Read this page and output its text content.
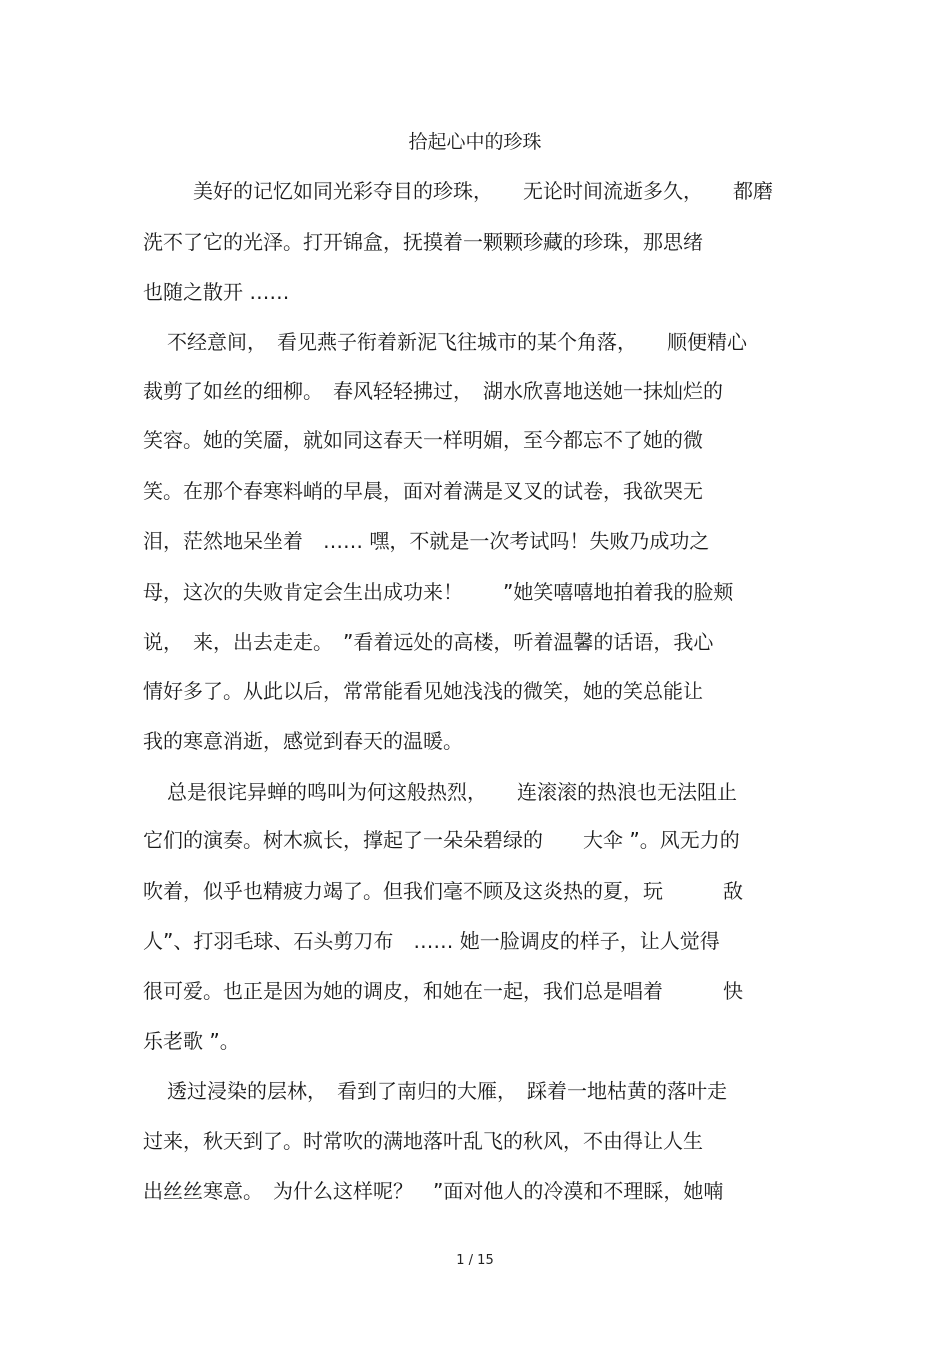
拾起心中的珍珠
美好的记忆如同光彩夺目的珍珠，　　无论时间流逝多久，　　都磨
洗不了它的光泽。打开锦盒，抚摸着一颗颗珍藏的珍珠，那思绪
也随之散开 ……
不经意间，　看见燕子衔着新泥飞往城市的某个角落，　　顺便精心
裁剪了如丝的细柳。　春风轻轻拂过，　湖水欣喜地送她一抹灿烂的
笑容。她的笑靥，就如同这春天一样明媚，至今都忘不了她的微
笑。在那个春寒料峭的早晨，面对着满是叉叉的试卷，我欲哭无
泪，茫然地呆坐着　…… 嘿，不就是一次考试吗！失败乃成功之
母，这次的失败肯定会生出成功来！　　”她笑嘻嘻地拍着我的脸颊
说，　来，出去走走。　”看着远处的高楼，听着温馨的话语，我心
情好多了。从此以后，常常能看见她浅浅的微笑，她的笑总能让
我的寒意消逝，感觉到春天的温暖。
总是很诧异蝉的鸣叫为何这般热烈，　　连滚滚的热浪也无法阻止
它们的演奏。树木疯长，撑起了一朵朵碧绿的　　大伞 ”。风无力的
吹着，似乎也精疲力竭了。但我们毫不顾及这炎热的夏，玩　　　敌
人”、打羽毛球、石头剪刀布　…… 她一脸调皮的样子，让人觉得
很可爱。也正是因为她的调皮，和她在一起，我们总是唱着　　　快
乐老歌 ”。
透过浸染的层林，　看到了南归的大雁，　踩着一地枯黄的落叶走
过来，秋天到了。时常吹的满地落叶乱飞的秋风，不由得让人生
出丝丝寒意。　为什么这样呢？　”面对他人的冷漠和不理睬，她喃
1 / 15
